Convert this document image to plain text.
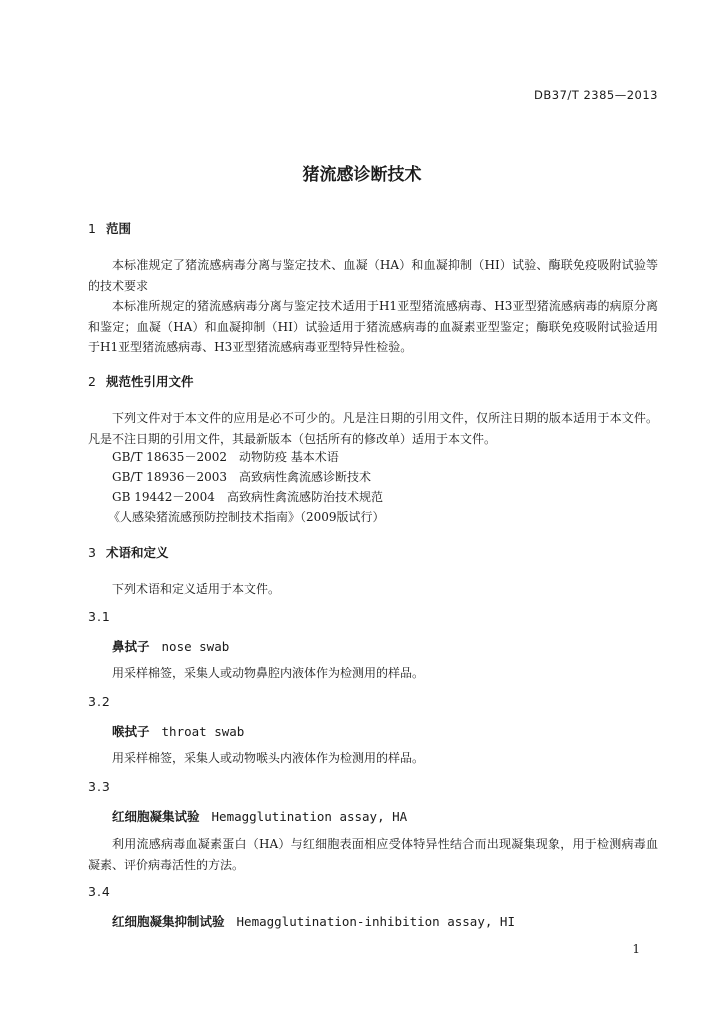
DB37/T 2385—2013
猪流感诊断技术
1 范围
本标准规定了猪流感病毒分离与鉴定技术、血凝（HA）和血凝抑制（HI）试验、酶联免疫吸附试验等的技术要求
本标准所规定的猪流感病毒分离与鉴定技术适用于H1亚型猪流感病毒、H3亚型猪流感病毒的病原分离和鉴定；血凝（HA）和血凝抑制（HI）试验适用于猪流感病毒的血凝素亚型鉴定；酶联免疫吸附试验适用于H1亚型猪流感病毒、H3亚型猪流感病毒亚型特异性检验。
2 规范性引用文件
下列文件对于本文件的应用是必不可少的。凡是注日期的引用文件，仅所注日期的版本适用于本文件。凡是不注日期的引用文件，其最新版本（包括所有的修改单）适用于本文件。
GB/T 18635－2002 动物防疫 基本术语
GB/T 18936－2003 高致病性禽流感诊断技术
GB 19442－2004 高致病性禽流感防治技术规范
《人感染猪流感预防控制技术指南》（2009版试行）
3 术语和定义
下列术语和定义适用于本文件。
3.1
鼻拭子 nose swab
用采样棉签，采集人或动物鼻腔内液体作为检测用的样品。
3.2
喉拭子 throat swab
用采样棉签，采集人或动物喉头内液体作为检测用的样品。
3.3
红细胞凝集试验 Hemagglutination assay, HA
利用流感病毒血凝素蛋白（HA）与红细胞表面相应受体特异性结合而出现凝集现象，用于检测病毒血凝素、评价病毒活性的方法。
3.4
红细胞凝集抑制试验 Hemagglutination-inhibition assay, HI
1
